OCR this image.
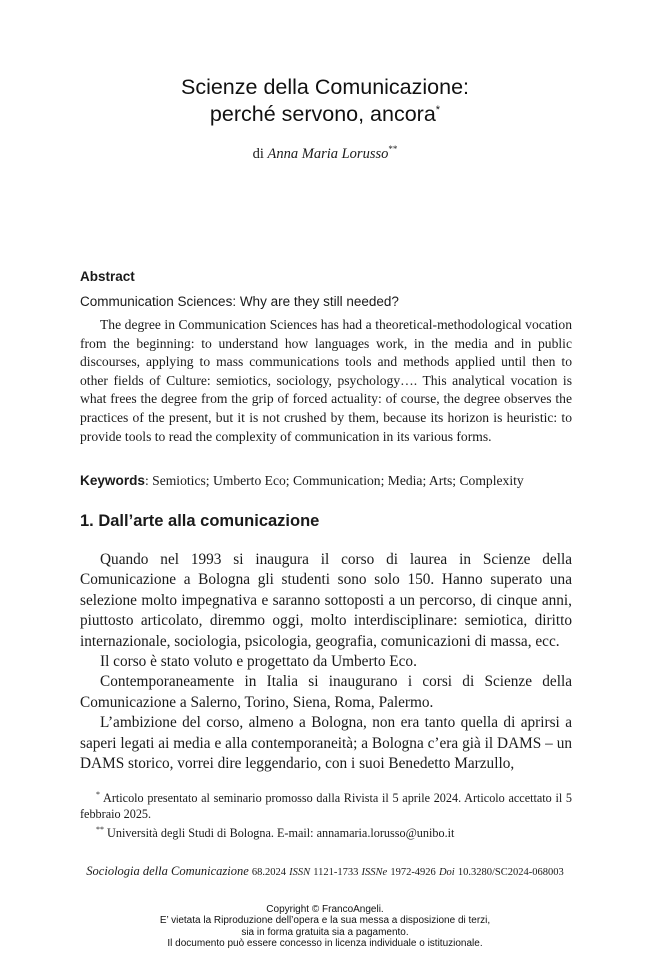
Scienze della Comunicazione:
perché servono, ancora*
di Anna Maria Lorusso**
Abstract
Communication Sciences: Why are they still needed?

The degree in Communication Sciences has had a theoretical-methodological vocation from the beginning: to understand how languages work, in the media and in public discourses, applying to mass communications tools and methods applied until then to other fields of Culture: semiotics, sociology, psychology…. This analytical vocation is what frees the degree from the grip of forced actuality: of course, the degree observes the practices of the present, but it is not crushed by them, because its horizon is heuristic: to provide tools to read the complexity of communication in its various forms.

Keywords: Semiotics; Umberto Eco; Communication; Media; Arts; Complexity
1. Dall’arte alla comunicazione

Quando nel 1993 si inaugura il corso di laurea in Scienze della Comunicazione a Bologna gli studenti sono solo 150. Hanno superato una selezione molto impegnativa e saranno sottoposti a un percorso, di cinque anni, piuttosto articolato, diremmo oggi, molto interdisciplinare: semiotica, diritto internazionale, sociologia, psicologia, geografia, comunicazioni di massa, ecc.

Il corso è stato voluto e progettato da Umberto Eco.

Contemporaneamente in Italia si inaugurano i corsi di Scienze della Comunicazione a Salerno, Torino, Siena, Roma, Palermo.

L’ambizione del corso, almeno a Bologna, non era tanto quella di aprirsi a saperi legati ai media e alla contemporaneità; a Bologna c’era già il DAMS – un DAMS storico, vorrei dire leggendario, con i suoi Benedetto Marzullo,

* Articolo presentato al seminario promosso dalla Rivista il 5 aprile 2024. Articolo accettato il 5 febbraio 2025.

** Università degli Studi di Bologna. E-mail: annamaria.lorusso@unibo.it

Sociologia della Comunicazione 68.2024 ISSN 1121-1733 ISSNe 1972-4926 Doi 10.3280/SC2024-068003
Copyright © FrancoAngeli.
E’ vietata la Riproduzione dell’opera e la sua messa a disposizione di terzi,
sia in forma gratuita sia a pagamento.
Il documento può essere concesso in licenza individuale o istituzionale.
